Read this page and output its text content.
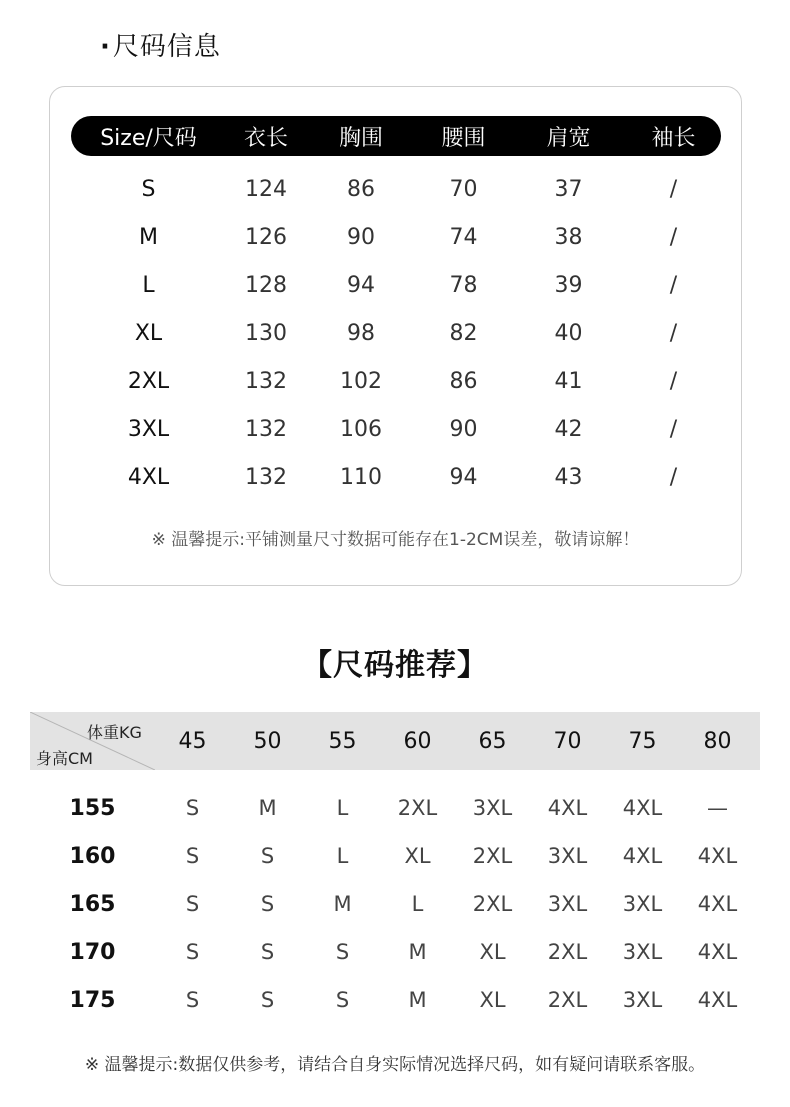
·尺码信息
Size/尺码	衣长	胸围	腰围	肩宽	袖长
S	124	86	70	37	/
M	126	90	74	38	/
L	128	94	78	39	/
XL	130	98	82	40	/
2XL	132	102	86	41	/
3XL	132	106	90	42	/
4XL	132	110	94	43	/
※ 温馨提示:平铺测量尺寸数据可能存在1-2CM误差，敬请谅解！
【尺码推荐】
体重KG
身高CM
45	50	55	60	65	70	75	80
155	S	M	L	2XL	3XL	4XL	4XL	—
160	S	S	L	XL	2XL	3XL	4XL	4XL
165	S	S	M	L	2XL	3XL	3XL	4XL
170	S	S	S	M	XL	2XL	3XL	4XL
175	S	S	S	M	XL	2XL	3XL	4XL
※ 温馨提示:数据仅供参考，请结合自身实际情况选择尺码，如有疑问请联系客服。
